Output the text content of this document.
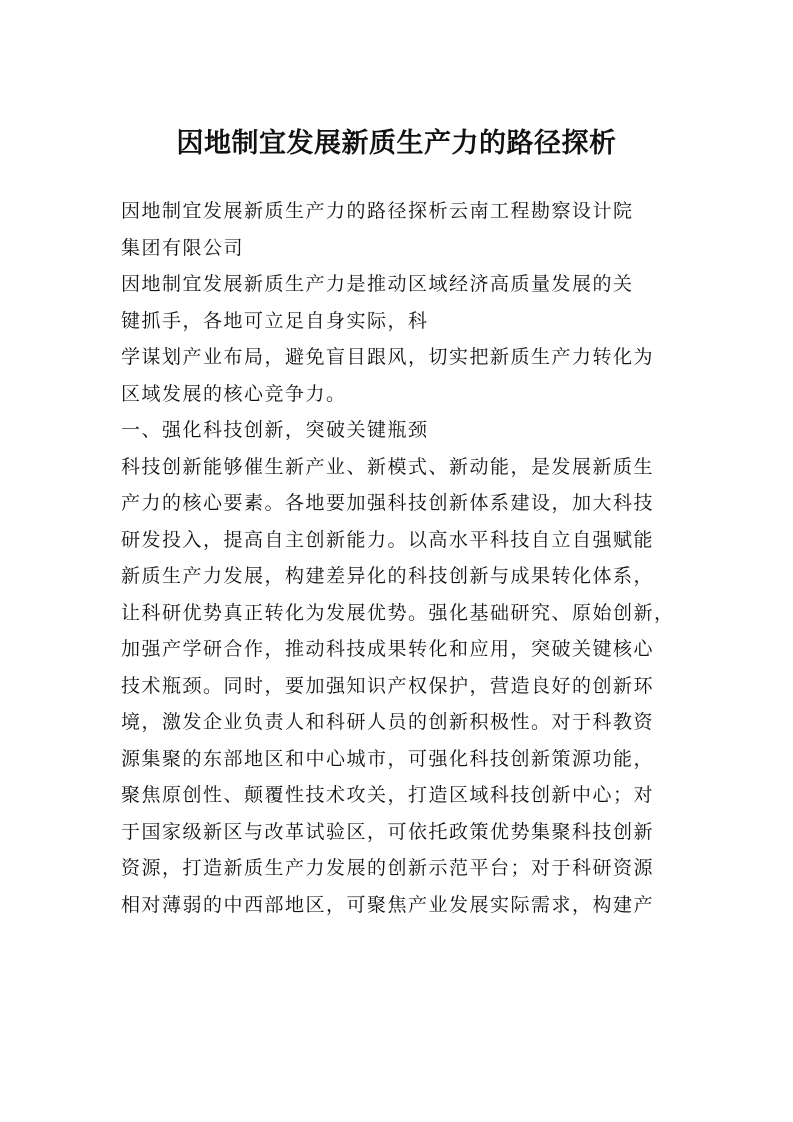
因地制宜发展新质生产力的路径探析
因地制宜发展新质生产力的路径探析云南工程勘察设计院
集团有限公司
因地制宜发展新质生产力是推动区域经济高质量发展的关
键抓手，各地可立足自身实际，科
学谋划产业布局，避免盲目跟风，切实把新质生产力转化为
区域发展的核心竞争力。
一、强化科技创新，突破关键瓶颈
科技创新能够催生新产业、新模式、新动能，是发展新质生
产力的核心要素。各地要加强科技创新体系建设，加大科技
研发投入，提高自主创新能力。以高水平科技自立自强赋能
新质生产力发展，构建差异化的科技创新与成果转化体系，
让科研优势真正转化为发展优势。强化基础研究、原始创新，
加强产学研合作，推动科技成果转化和应用，突破关键核心
技术瓶颈。同时，要加强知识产权保护，营造良好的创新环
境，激发企业负责人和科研人员的创新积极性。对于科教资
源集聚的东部地区和中心城市，可强化科技创新策源功能，
聚焦原创性、颠覆性技术攻关，打造区域科技创新中心；对
于国家级新区与改革试验区，可依托政策优势集聚科技创新
资源，打造新质生产力发展的创新示范平台；对于科研资源
相对薄弱的中西部地区，可聚焦产业发展实际需求，构建产
